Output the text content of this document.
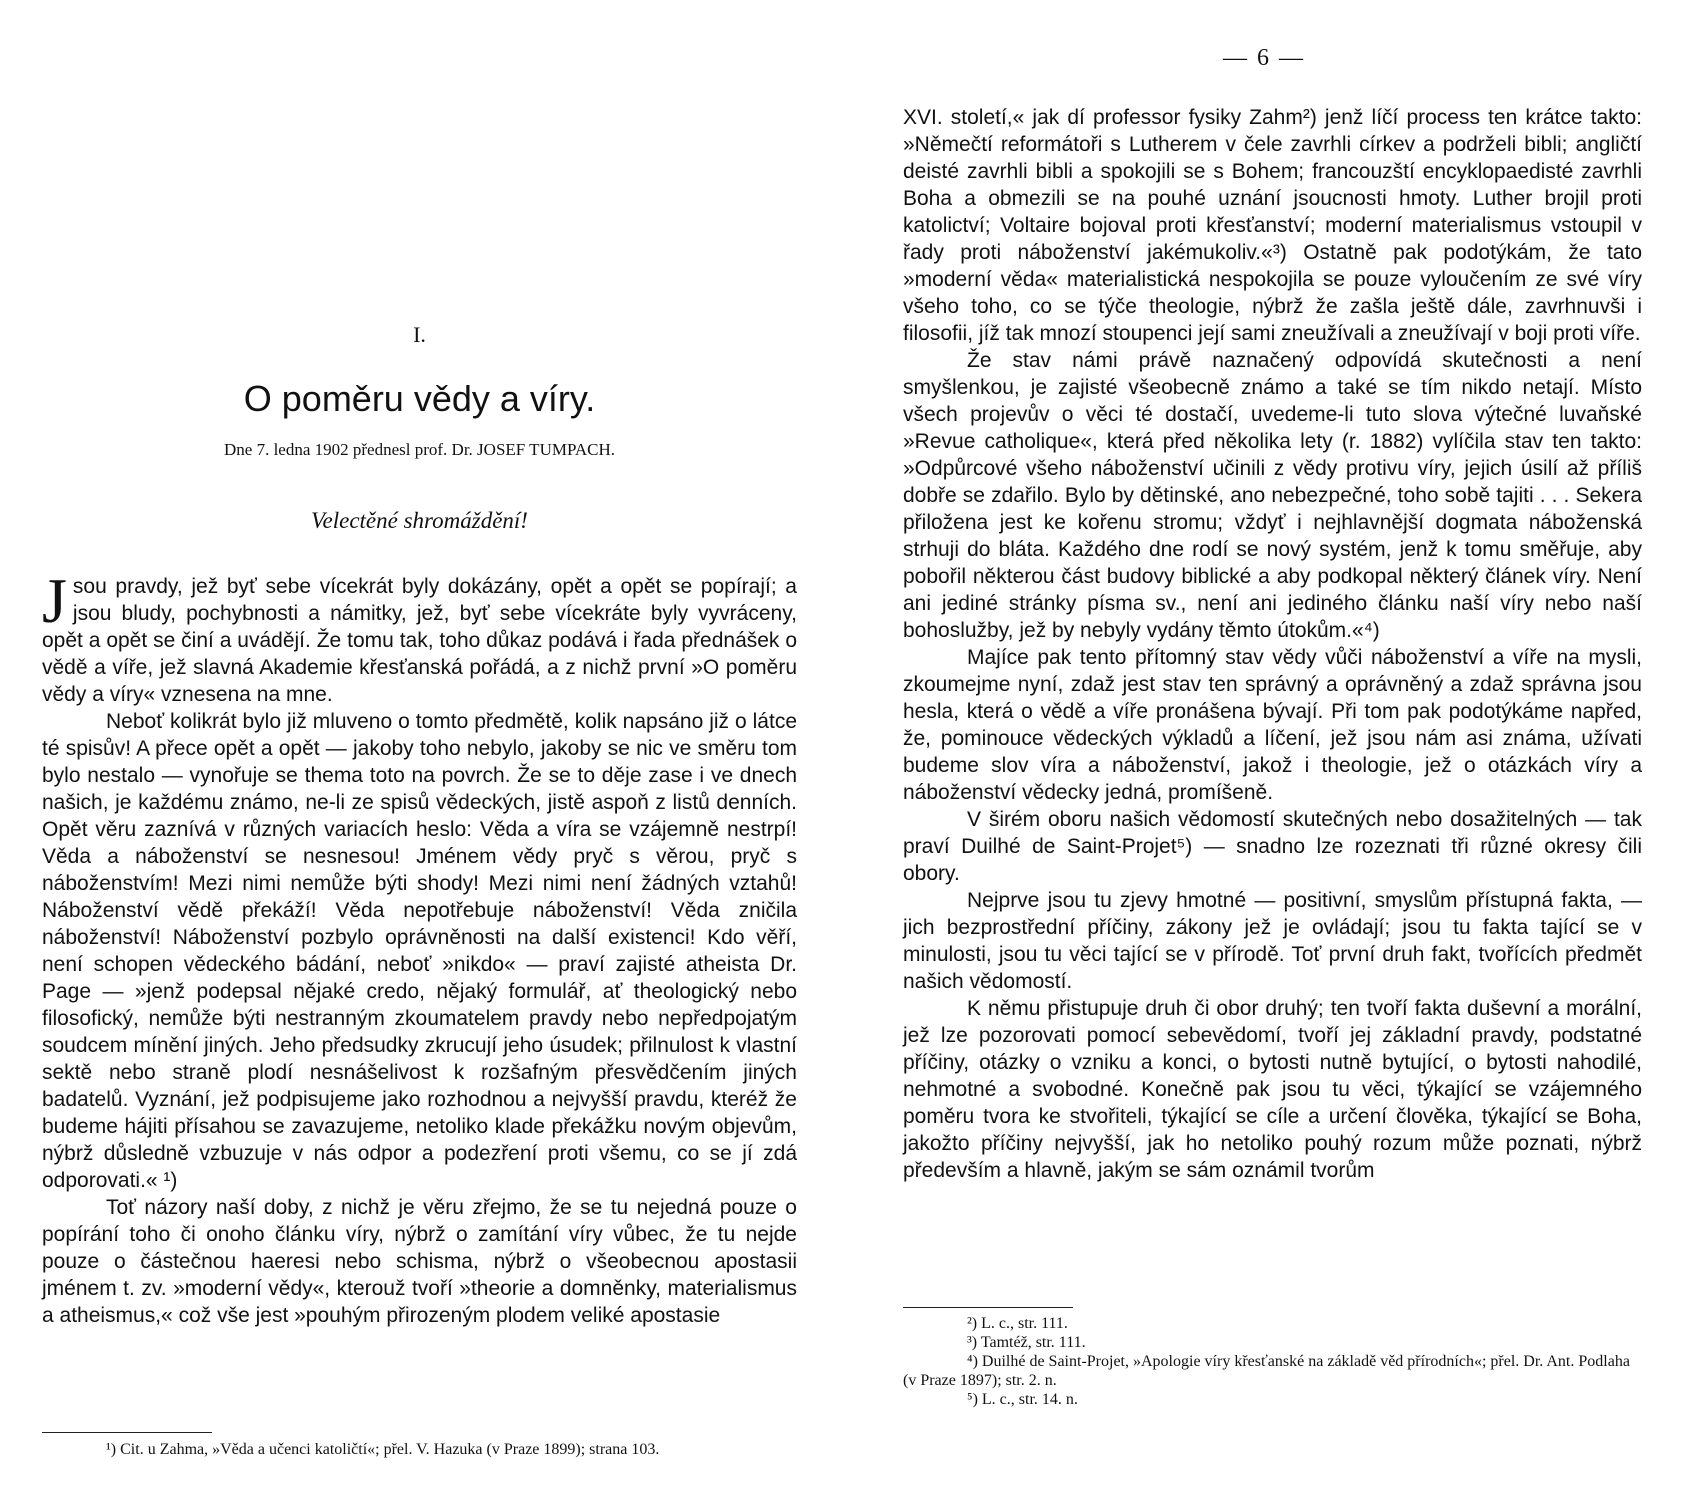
I.
O poměru vědy a víry.
Dne 7. ledna 1902 přednesl prof. Dr. JOSEF TUMPACH.
Velectěné shromáždění!

Jsou pravdy, jež byť sebe vícekrát byly dokázány, opět a opět se popírají; a jsou bludy, pochybnosti a námitky, jež, byť sebe vícekráte byly vyvráceny, opět a opět se činí a uvádějí. Že tomu tak, toho důkaz podává i řada přednášek o vědě a víře, jež slavná Akademie křesťanská pořádá, a z nichž první »O poměru vědy a víry« vznesena na mne.

Neboť kolikrát bylo již mluveno o tomto předmětě, kolik napsáno již o látce té spisův! A přece opět a opět — jakoby toho nebylo, jakoby se nic ve směru tom bylo nestalo — vynořuje se thema toto na povrch. Že se to děje zase i ve dnech našich, je každému známo, ne-li ze spisů vědeckých, jistě aspoň z listů denních. Opět věru zaznívá v různých variacích heslo: Věda a víra se vzájemně nestrpí! Věda a náboženství se nesnesou! Jménem vědy pryč s věrou, pryč s náboženstvím! Mezi nimi nemůže býti shody! Mezi nimi není žádných vztahů! Náboženství vědě překáží! Věda nepotřebuje náboženství! Věda zničila náboženství! Náboženství pozbylo oprávněnosti na další existenci! Kdo věří, není schopen vědeckého bádání, neboť »nikdo« — praví zajisté atheista Dr. Page — »jenž podepsal nějaké credo, nějaký formulář, ať theologický nebo filosofický, nemůže býti nestranným zkoumatelem pravdy nebo nepředpojatým soudcem mínění jiných. Jeho předsudky zkrucují jeho úsudek; přilnulost k vlastní sektě nebo straně plodí nesnášelivost k rozšafným přesvědčením jiných badatelů. Vyznání, jež podpisujeme jako rozhodnou a nejvyšší pravdu, kteréž že budeme hájiti přísahou se zavazujeme, netoliko klade překážku novým objevům, nýbrž důsledně vzbuzuje v nás odpor a podezření proti všemu, co se jí zdá odporovati.« ¹)

Toť názory naší doby, z nichž je věru zřejmo, že se tu nejedná pouze o popírání toho či onoho článku víry, nýbrž o zamítání víry vůbec, že tu nejde pouze o částečnou haeresi nebo schisma, nýbrž o všeobecnou apostasii jménem t. zv. »moderní vědy«, kterouž tvoří »theorie a domněnky, materialismus a atheismus,« což vše jest »pouhým přirozeným plodem veliké apostasie

¹) Cit. u Zahma, »Věda a učenci katoličtí«; přel. V. Hazuka (v Praze 1899); strana 103.

— 6 —

XVI. století,« jak dí professor fysiky Zahm²) jenž líčí process ten krátce takto: »Němečtí reformátoři s Lutherem v čele zavrhli církev a podrželi bibli; angličtí deisté zavrhli bibli a spokojili se s Bohem; francouzští encyklopaedisté zavrhli Boha a obmezili se na pouhé uznání jsoucnosti hmoty. Luther brojil proti katolictví; Voltaire bojoval proti křesťanství; moderní materialismus vstoupil v řady proti náboženství jakémukoliv.«³) Ostatně pak podotýkám, že tato »moderní věda« materialistická nespokojila se pouze vyloučením ze své víry všeho toho, co se týče theologie, nýbrž že zašla ještě dále, zavrhnuvši i filosofii, jíž tak mnozí stoupenci její sami zneužívali a zneužívají v boji proti víře.

Že stav námi právě naznačený odpovídá skutečnosti a není smyšlenkou, je zajisté všeobecně známo a také se tím nikdo netají. Místo všech projevův o věci té dostačí, uvedeme-li tuto slova výtečné luvaňské »Revue catholique«, která před několika lety (r. 1882) vylíčila stav ten takto: »Odpůrcové všeho náboženství učinili z vědy protivu víry, jejich úsilí až příliš dobře se zdařilo. Bylo by dětinské, ano nebezpečné, toho sobě tajiti . . . Sekera přiložena jest ke kořenu stromu; vždyť i nejhlavnější dogmata náboženská strhuji do bláta. Každého dne rodí se nový systém, jenž k tomu směřuje, aby pobořil některou část budovy biblické a aby podkopal některý článek víry. Není ani jediné stránky písma sv., není ani jediného článku naší víry nebo naší bohoslužby, jež by nebyly vydány těmto útokům.«⁴)

Majíce pak tento přítomný stav vědy vůči náboženství a víře na mysli, zkoumejme nyní, zdaž jest stav ten správný a oprávněný a zdaž správna jsou hesla, která o vědě a víře pronášena bývají. Při tom pak podotýkáme napřed, že, pominouce vědeckých výkladů a líčení, jež jsou nám asi známa, užívati budeme slov víra a náboženství, jakož i theologie, jež o otázkách víry a náboženství vědecky jedná, promíšeně.

V širém oboru našich vědomostí skutečných nebo dosažitelných — tak praví Duilhé de Saint-Projet⁵) — snadno lze rozeznati tři různé okresy čili obory.

Nejprve jsou tu zjevy hmotné — positivní, smyslům přístupná fakta, — jich bezprostřední příčiny, zákony jež je ovládají; jsou tu fakta tající se v minulosti, jsou tu věci tající se v přírodě. Toť první druh fakt, tvořících předmět našich vědomostí.

K němu přistupuje druh či obor druhý; ten tvoří fakta duševní a morální, jež lze pozorovati pomocí sebevědomí, tvoří jej základní pravdy, podstatné příčiny, otázky o vzniku a konci, o bytosti nutně bytující, o bytosti nahodilé, nehmotné a svobodné. Konečně pak jsou tu věci, týkající se vzájemného poměru tvora ke stvořiteli, týkající se cíle a určení člověka, týkající se Boha, jakožto příčiny nejvyšší, jak ho netoliko pouhý rozum může poznati, nýbrž především a hlavně, jakým se sám oznámil tvorům

²) L. c., str. 111.

³) Tamtéž, str. 111.

⁴) Duilhé de Saint-Projet, »Apologie víry křesťanské na základě věd přírodních«; přel. Dr. Ant. Podlaha (v Praze 1897); str. 2. n.

⁵) L. c., str. 14. n.
